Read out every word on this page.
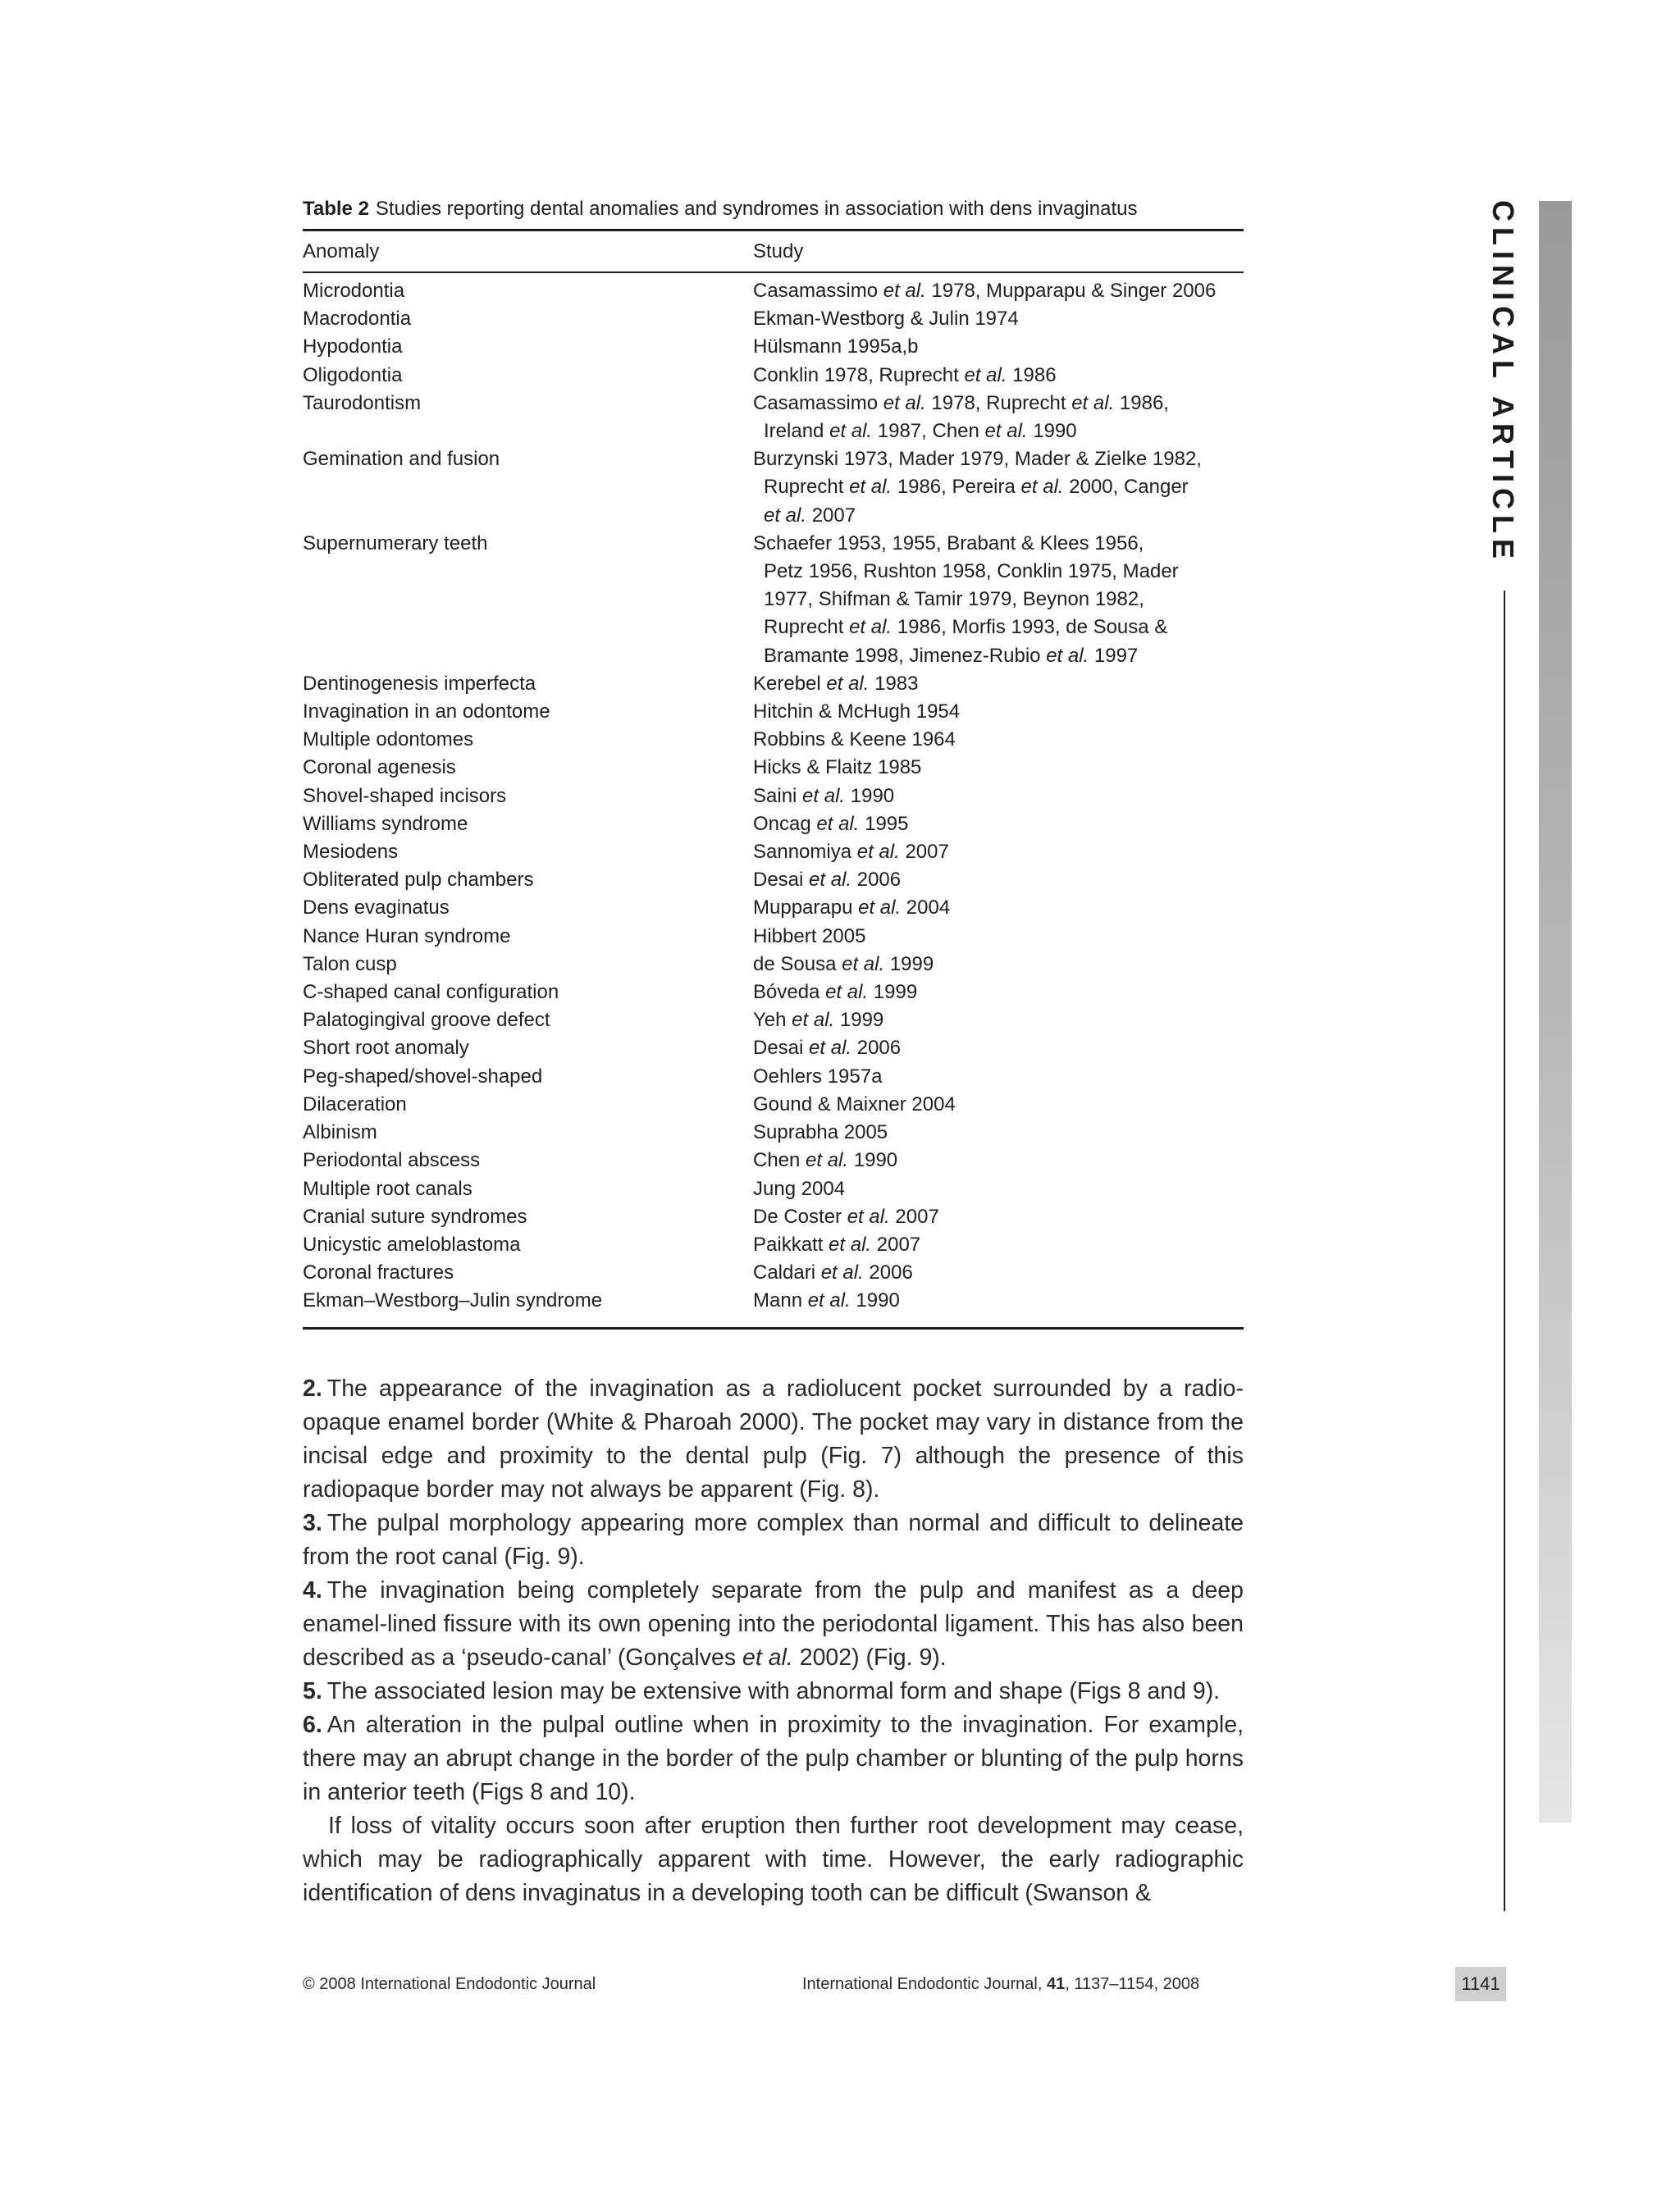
Table 2 Studies reporting dental anomalies and syndromes in association with dens invaginatus
Anomaly	Study
Microdontia	Casamassimo et al. 1978, Mupparapu & Singer 2006
Macrodontia	Ekman-Westborg & Julin 1974
Hypodontia	Hülsmann 1995a,b
Oligodontia	Conklin 1978, Ruprecht et al. 1986
Taurodontism	Casamassimo et al. 1978, Ruprecht et al. 1986,
Ireland et al. 1987, Chen et al. 1990
Gemination and fusion	Burzynski 1973, Mader 1979, Mader & Zielke 1982,
Ruprecht et al. 1986, Pereira et al. 2000, Canger
et al. 2007
Supernumerary teeth	Schaefer 1953, 1955, Brabant & Klees 1956,
Petz 1956, Rushton 1958, Conklin 1975, Mader
1977, Shifman & Tamir 1979, Beynon 1982,
Ruprecht et al. 1986, Morfis 1993, de Sousa &
Bramante 1998, Jimenez-Rubio et al. 1997
Dentinogenesis imperfecta	Kerebel et al. 1983
Invagination in an odontome	Hitchin & McHugh 1954
Multiple odontomes	Robbins & Keene 1964
Coronal agenesis	Hicks & Flaitz 1985
Shovel-shaped incisors	Saini et al. 1990
Williams syndrome	Oncag et al. 1995
Mesiodens	Sannomiya et al. 2007
Obliterated pulp chambers	Desai et al. 2006
Dens evaginatus	Mupparapu et al. 2004
Nance Huran syndrome	Hibbert 2005
Talon cusp	de Sousa et al. 1999
C-shaped canal configuration	Bóveda et al. 1999
Palatogingival groove defect	Yeh et al. 1999
Short root anomaly	Desai et al. 2006
Peg-shaped/shovel-shaped	Oehlers 1957a
Dilaceration	Gound & Maixner 2004
Albinism	Suprabha 2005
Periodontal abscess	Chen et al. 1990
Multiple root canals	Jung 2004
Cranial suture syndromes	De Coster et al. 2007
Unicystic ameloblastoma	Paikkatt et al. 2007
Coronal fractures	Caldari et al. 2006
Ekman–Westborg–Julin syndrome	Mann et al. 1990

2. The appearance of the invagination as a radiolucent pocket surrounded by a radio-opaque enamel border (White & Pharoah 2000). The pocket may vary in distance from the incisal edge and proximity to the dental pulp (Fig. 7) although the presence of this radiopaque border may not always be apparent (Fig. 8).

3. The pulpal morphology appearing more complex than normal and difficult to delineate from the root canal (Fig. 9).

4. The invagination being completely separate from the pulp and manifest as a deep enamel-lined fissure with its own opening into the periodontal ligament. This has also been described as a ‘pseudo-canal’ (Gonçalves et al. 2002) (Fig. 9).

5. The associated lesion may be extensive with abnormal form and shape (Figs 8 and 9).

6. An alteration in the pulpal outline when in proximity to the invagination. For example, there may an abrupt change in the border of the pulp chamber or blunting of the pulp horns in anterior teeth (Figs 8 and 10).

If loss of vitality occurs soon after eruption then further root development may cease, which may be radiographically apparent with time. However, the early radiographic identification of dens invaginatus in a developing tooth can be difficult (Swanson &

CLINICAL ARTICLE
© 2008 International Endodontic Journal	International Endodontic Journal, 41, 1137–1154, 2008	1141
